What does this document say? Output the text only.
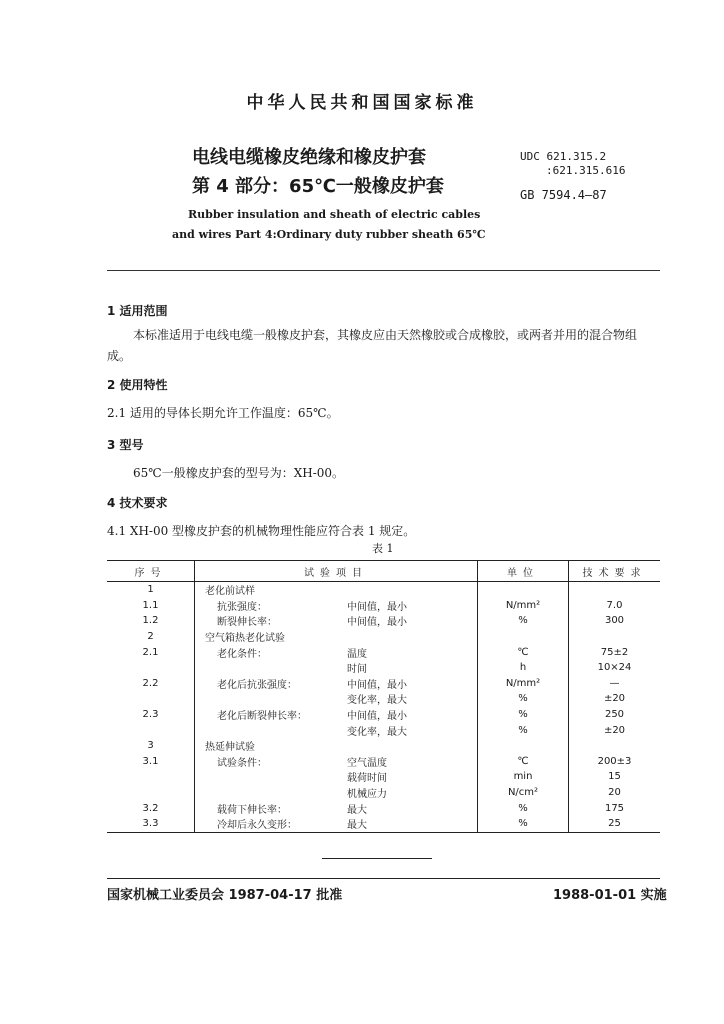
中华人民共和国国家标准
电线电缆橡皮绝缘和橡皮护套
第 4 部分：65℃一般橡皮护套
UDC 621.315.2
:621.315.616
GB 7594.4—87
Rubber insulation and sheath of electric cables
and wires Part 4:Ordinary duty rubber sheath 65℃
1 适用范围
本标准适用于电线电缆一般橡皮护套，其橡皮应由天然橡胶或合成橡胶，或两者并用的混合物组成。
2 使用特性
2.1 适用的导体长期允许工作温度：65℃。
3 型号
65℃一般橡皮护套的型号为：XH-00。
4 技术要求
4.1 XH-00 型橡皮护套的机械物理性能应符合表 1 规定。
表 1
序号	试验项目		单位	技术要求
1	老化前试样			
1.1	抗张强度：	中间值，最小	N/mm²	7.0
1.2	断裂伸长率：	中间值，最小	%	300
2	空气箱热老化试验			
2.1	老化条件：	温度	℃	75±2
		时间	h	10×24
2.2	老化后抗张强度：	中间值，最小	N/mm²	—
		变化率，最大	%	±20
2.3	老化后断裂伸长率：	中间值，最小	%	250
		变化率，最大	%	±20
3	热延伸试验			
3.1	试验条件：	空气温度	℃	200±3
		载荷时间	min	15
		机械应力	N/cm²	20
3.2	载荷下伸长率：	最大	%	175
3.3	冷却后永久变形：	最大	%	25
国家机械工业委员会 1987-04-17 批准	1988-01-01 实施
